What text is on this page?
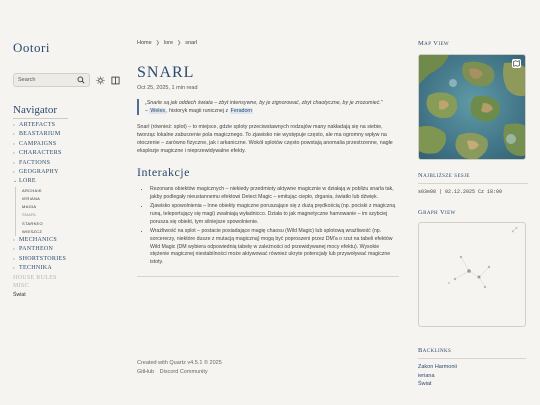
Ootori
Search
Navigator
› ARTEFACTS
› BEASTARIUM
› CAMPAIGNS
› CHARACTERS
› FACTIONS
› GEOGRAPHY
⌄ LORE
archaik
ieriana
magia
snarl
starkeo
wieszcz
› MECHANICS
› PANTHEON
› SHORTSTORIES
› TECHNIKA
HOUSE RULES
MISC
Świat
Home ❯ lore ❯ snarl
SNARL
Oct 25, 2025, 1 min read
„Snarle są jak oddech świata – zbyt intensywne, by je zignorować, zbyt chaotyczne, by je zrozumieć.”
– Weles, historyk magii runicznej z Feradorn

Snarl (również: splot) – to miejsce, gdzie sploty przeciwstawnych rodzajów many nakładają się na siebie, tworząc lokalne zaburzenie pola magicznego. To zjawisko nie występuje często, ale ma ogromny wpływ na otoczenie – zarówno fizyczne, jak i arkaniczne. Wokół splotów często powstają anomalia przestrzenne, nagłe eksplozje magiczne i nieprzewidywalne efekty.

Interakcje
• Rezonans obiektów magicznych – niekiedy przedmioty aktywne magicznie w działają w pobliżu snarla tak, jakby podlegały nieustannemu efektowi Detect Magic – emitując ciepło, drgania, światło lub dźwięk.
• Zjawisko spowolnienia – Inne obiekty magiczne poruszające się z dużą prędkością (np. pociski z magiczną runą, teleportujący się magi) zwalniają wyładnicco. Działa to jak magnetyczne hamowanie – im szybciej porusza się obiekt, tym silniejsze spowolnienie.
• Wrażliwość na splot – postacie posiadające magię chaosu (Wild Magic) lub splotową wrażliwość (np. sorcererzy, niektóre dusze z mutacją magiczną) mogą być poproszeni przez DM'a o rzut na tabeli efektów Wild Magic (DM wybiera odpowiednią tabelę w zależności od przewidywanej mocy efektu). Wysokie stężenie magicznej niestabilności może aktywować również ukryte potencjały lub przywoływać magiczne istoty.
Created with Quartz v4.5.1 © 2025
GitHub Discord Community
Map View
Najbliższe sesje
s03e08 | 02.12.2025 Cz 18:00
Graph View
⤢
Backlinks
Zakon Harmonii
ieriana
Świat
